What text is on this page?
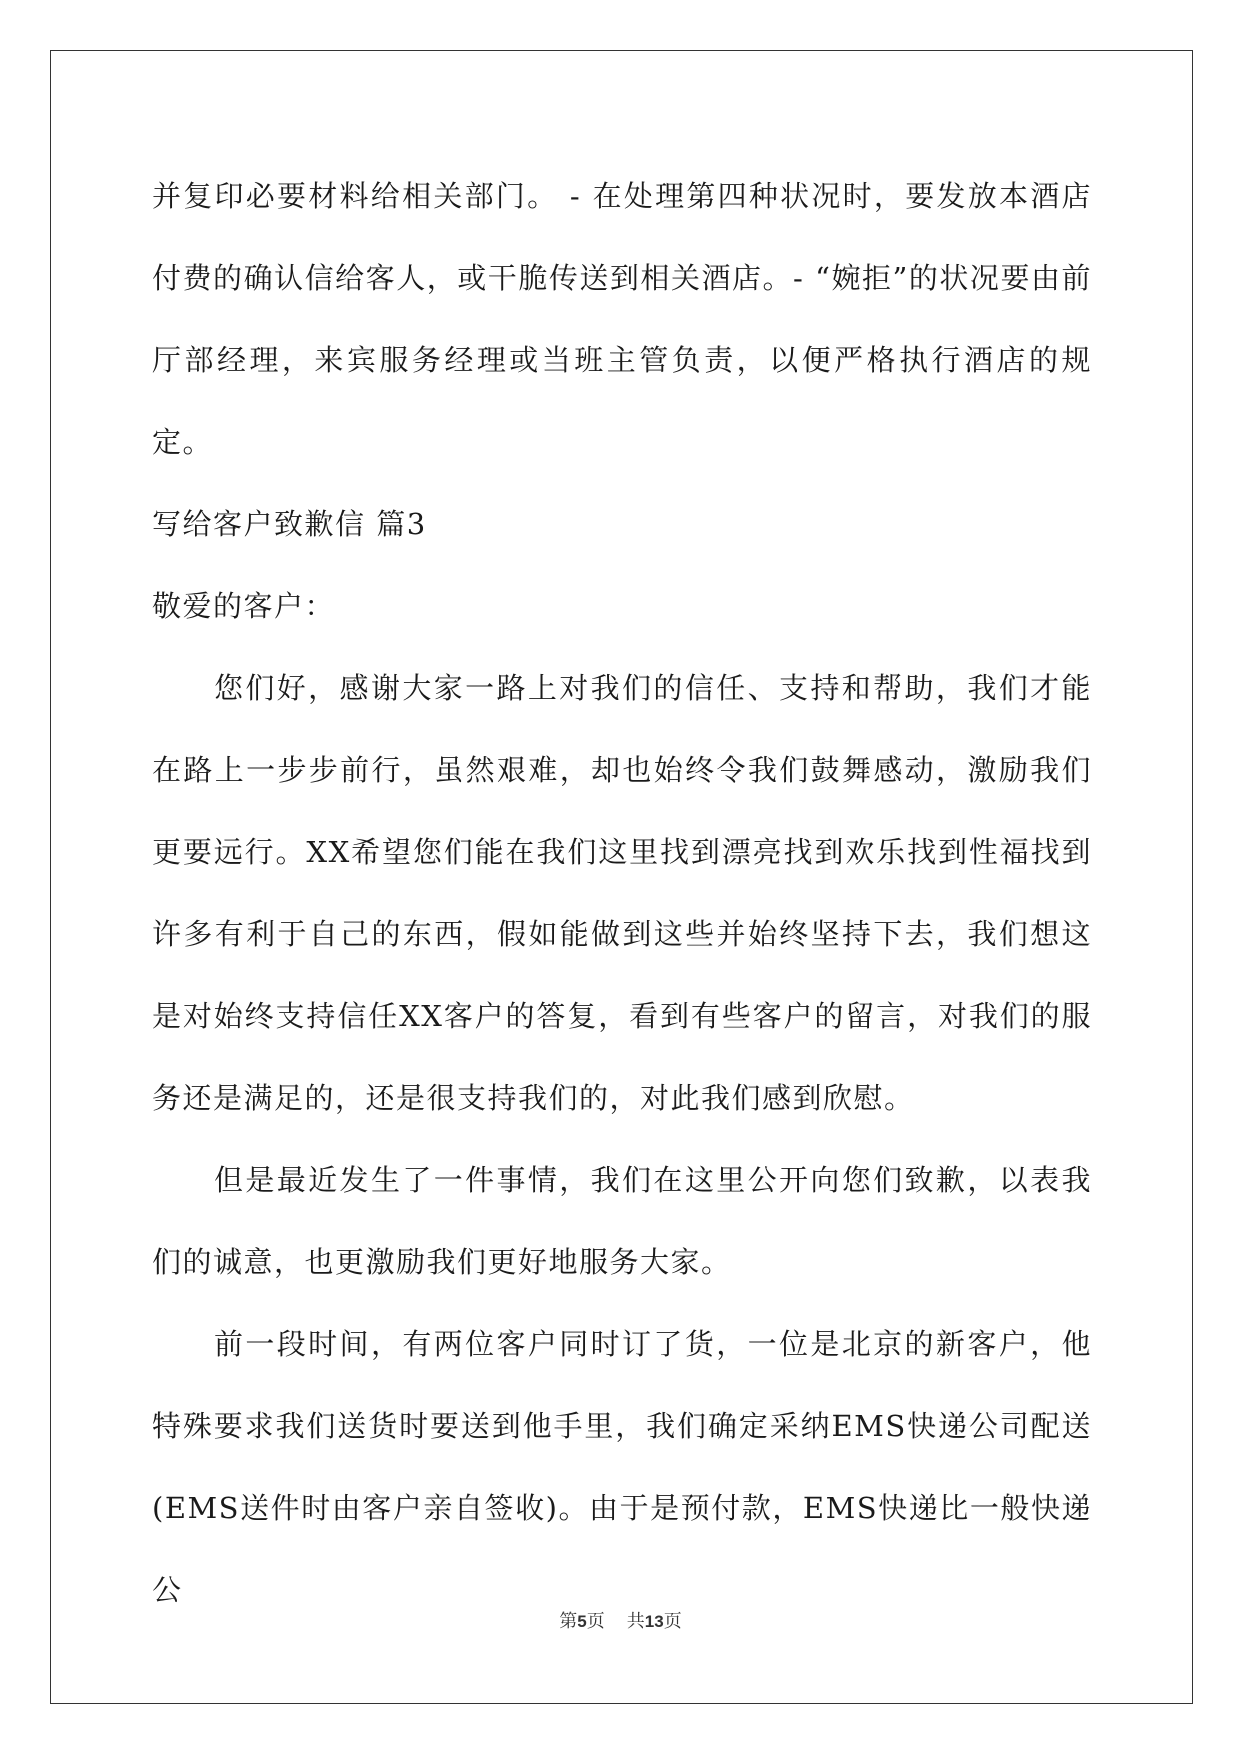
并复印必要材料给相关部门。 - 在处理第四种状况时，要发放本酒店付费的确认信给客人，或干脆传送到相关酒店。- “婉拒”的状况要由前厅部经理，来宾服务经理或当班主管负责，以便严格执行酒店的规定。

写给客户致歉信 篇3
敬爱的客户：

您们好，感谢大家一路上对我们的信任、支持和帮助，我们才能在路上一步步前行，虽然艰难，却也始终令我们鼓舞感动，激励我们更要远行。XX希望您们能在我们这里找到漂亮找到欢乐找到性福找到许多有利于自己的东西，假如能做到这些并始终坚持下去，我们想这是对始终支持信任XX客户的答复，看到有些客户的留言，对我们的服务还是满足的，还是很支持我们的，对此我们感到欣慰。

但是最近发生了一件事情，我们在这里公开向您们致歉，以表我们的诚意，也更激励我们更好地服务大家。

前一段时间，有两位客户同时订了货，一位是北京的新客户，他特殊要求我们送货时要送到他手里，我们确定采纳EMS快递公司配送(EMS送件时由客户亲自签收)。由于是预付款，EMS快递比一般快递公

第5页 共13页
